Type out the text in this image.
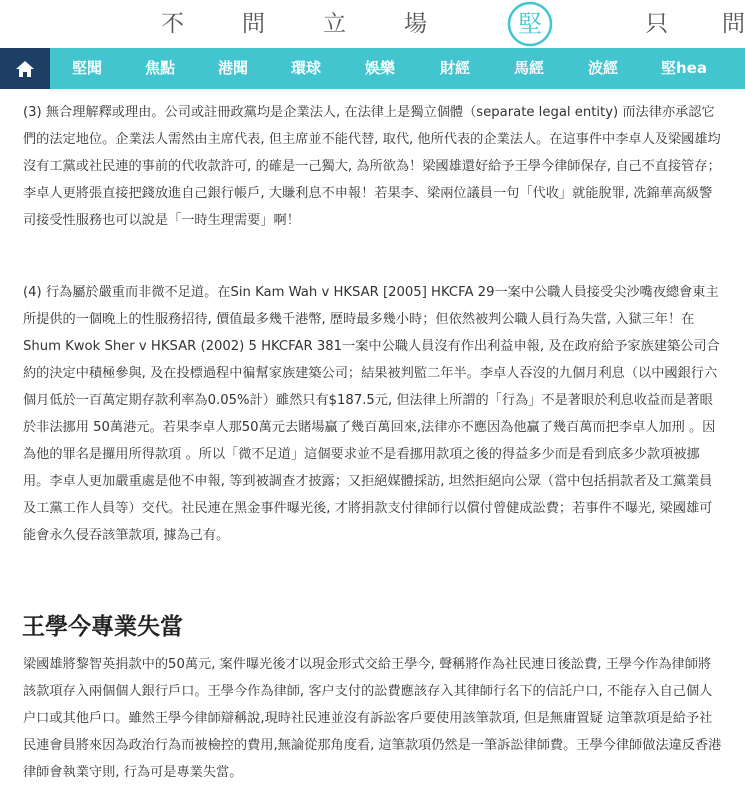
不	問	立	場	堅	只 問
堅聞	焦點	港聞	環球	娛樂	財經	馬經	波經	堅hea

(3) 無合理解釋或理由。公司或註冊政黨均是企業法人, 在法律上是獨立個體（separate legal entity) 而法律亦承認它們的法定地位。企業法人需然由主席代表, 但主席並不能代替, 取代, 他所代表的企業法人。在這事件中李卓人及梁國雄均沒有工黨或社民連的事前的代收款許可, 的確是一己獨大, 為所欲為！梁國雄還好給予王學今律師保存, 自己不直接管存；李卓人更將張直接把錢放進自己銀行帳戶, 大賺利息不申報！若果李、梁兩位議員一句「代收」就能脫罪, 冼錦華高級警司接受性服務也可以說是「一時生理需要」啊！

(4) 行為屬於嚴重而非微不足道。在Sin Kam Wah v HKSAR [2005] HKCFA 29一案中公職人員接受尖沙嘴夜總會東主所提供的一個晚上的性服務招待, 價值最多幾千港幣, 歷時最多幾小時；但依然被判公職人員行為失當, 入獄三年！在Shum Kwok Sher v HKSAR (2002) 5 HKCFAR 381一案中公職人員沒有作出利益申報, 及在政府給予家族建築公司合約的決定中積極參與, 及在投標過程中徧幫家族建築公司；結果被判監二年半。李卓人吞沒的九個月利息（以中國銀行六個月低於一百萬定期存款利率為0.05%計）雖然只有$187.5元, 但法律上所謂的「行為」不是著眼於利息收益而是著眼於非法挪用 50萬港元。若果李卓人那50萬元去賭場贏了幾百萬回來,法律亦不應因為他贏了幾百萬而把李卓人加刑 。因為他的罪名是攞用所得款項 。所以「微不足道」這個要求並不是看挪用款項之後的得益多少而是看到底多少款項被挪用。李卓人更加嚴重處是他不申報, 等到被調查才披露；又拒絕媒體採訪, 坦然拒絕向公眾（當中包括捐款者及工黨業員及工黨工作人員等）交代。社民連在黑金事件曝光後, 才將捐款支付律師行以償付曾健成訟費；若事件不曝光, 梁國雄可能會永久侵吞該筆款項, 據為己有。

王學今專業失當

梁國雄將黎智英捐款中的50萬元, 案件曝光後才以現金形式交給王學今, 聲稱將作為社民連日後訟費, 王學今作為律師將該款項存入兩個個人銀行戶口。王學今作為律師, 客户支付的訟費應該存入其律師行名下的信託户口, 不能存入自己個人户口或其他戶口。雖然王學今律師辯稱說,現時社民連並沒有訴訟客戶要使用該筆款項, 但是無庸置疑 這筆款項是給予社民連會員將來因為政治行為而被檢控的費用,無論從那角度看, 這筆款項仍然是一筆訴訟律師費。王學今律師做法違反香港律師會執業守則, 行為可是專業失當。
